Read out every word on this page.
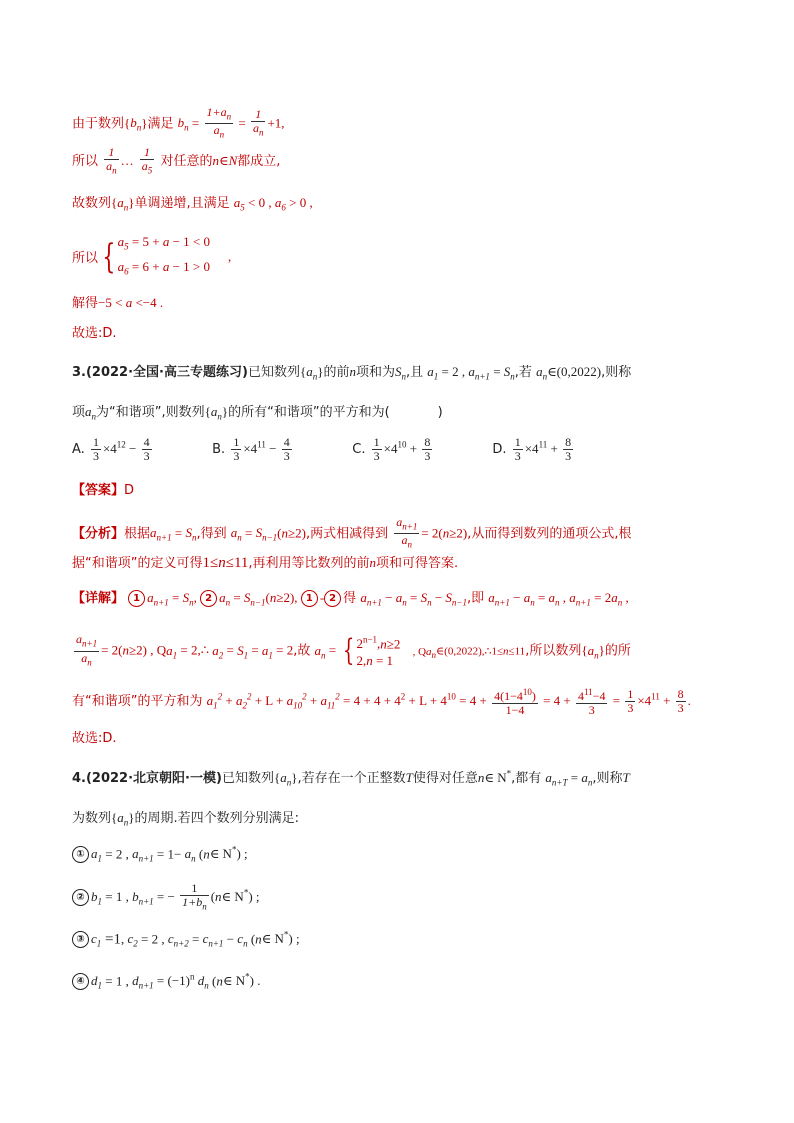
由于数列$\{b_n\}$满足 $b_n = \frac{1+a_n}{a_n} = \frac{1}{a_n} +1$,
所以 $\frac{1}{a_n}$ … $\frac{1}{a_5}$ 对任意的n∈N都成立,
故数列$\{a_n\}$单调递增,且满足 $a_5 < 0$ , $a_6 > 0$ ,
所以 { $a_5 = 5 + a - 1 < 0$
$a_6 = 6 + a - 1 > 0$,
解得−5 < a <−4 .
故选:D.
3.(2022·全国·高三专题练习)已知数列$\{a_n\}$的前n项和为$S_n$,且 $a_1 = 2$ , $a_{n+1} = S_n$,若 $a_n\in(0,2022)$,则称
项$a_n$为“和谐项”,则数列$\{a_n\}$的所有“和谐项”的平方和为(	)
A. $\frac{1}{3} \times 4^{12} - \frac{4}{3}$	B. $\frac{1}{3} \times 4^{11} - \frac{4}{3}$	C. $\frac{1}{3} \times 4^{10} + \frac{8}{3}$	D. $\frac{1}{3} \times 4^{11} + \frac{8}{3}$
【答案】D
【分析】根据$a_{n+1} = S_n$,得到 $a_n = S_{n-1}(n\ge 2)$,两式相减得到 $\frac{a_{n+1}}{a_n} = 2(n\ge 2)$,从而得到数列的通项公式,根
据“和谐项”的定义可得1≤n≤11,再利用等比数列的前n项和可得答案.
【详解】 1 $a_{n+1} = S_n$, 2 $a_n = S_{n-1}(n\ge 2)$, 1 - 2 得 $a_{n+1} - a_n = S_n - S_{n-1}$,即 $a_{n+1} - a_n = a_n$ , $a_{n+1} = 2a_n$ ,
$\frac{a_{n+1}}{a_n} = 2(n\ge 2)$ , $Qa_1$ = 2,∴ $a_2 = S_1 = a_1 = 2$,故 $a_n$ = { $2^{n-1},n\ge 2$
2,n = 1 , $Qa_n\in(0,2022),\therefore 1\le n\le 11$,所以数列$\{a_n\}$的所
有“和谐项”的平方和为 $a_1^2 + a_2^2 + L + a_{10}^2 + a_{11}^2 = 4 + 4 + 4^2 + L + 4^{10} = 4 + \frac{4(1-4^{10})}{1-4} = 4 + \frac{4^{11}-4}{3} = \frac{1}{3} \times 4^{11} + \frac{8}{3}$ .
故选:D.
4.(2022·北京朝阳·一模)已知数列$\{a_n\}$,若存在一个正整数T使得对任意n∈ N*,都有 $a_{n+T} = a_n$,则称T
为数列$\{a_n\}$的周期.若四个数列分别满足:
① $a_1 = 2$ , $a_{n+1} = 1- a_n$ (n∈ N*) ;
② $b_1 = 1$ , $b_{n+1}$ = − $\frac{1}{1+b_n}$ (n∈ N*) ;
③ $c_1 =1$, $c_2 = 2$ , $c_{n+2} = c_{n+1} - c_n$ (n∈ N*) ;
④ $d_1 = 1$ , $d_{n+1} = (-1)^n$ $d_n$ (n∈ N*) .
